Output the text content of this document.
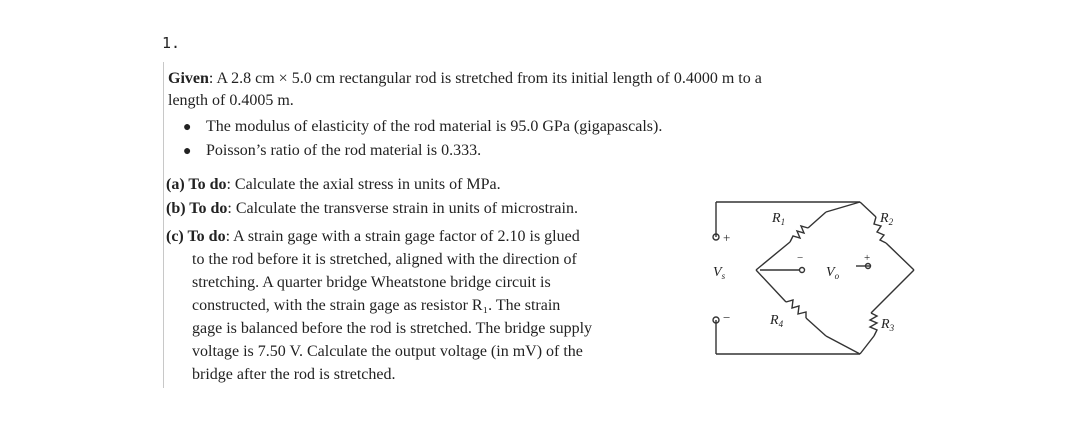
1.
Given: A 2.8 cm × 5.0 cm rectangular rod is stretched from its initial length of 0.4000 m to a
length of 0.4005 m.
● The modulus of elasticity of the rod material is 95.0 GPa (gigapascals).
● Poisson’s ratio of the rod material is 0.333.
(a) To do: Calculate the axial stress in units of MPa.
(b) To do: Calculate the transverse strain in units of microstrain.
(c) To do: A strain gage with a strain gage factor of 2.10 is glued
to the rod before it is stretched, aligned with the direction of
stretching. A quarter bridge Wheatstone bridge circuit is
constructed, with the strain gage as resistor R₁. The strain
gage is balanced before the rod is stretched. The bridge supply
voltage is 7.50 V. Calculate the output voltage (in mV) of the
bridge after the rod is stretched.
$R_1$	$R_2$
$R_3$
$R_4$
$V_s$	$V_o$
+
−
+
−
